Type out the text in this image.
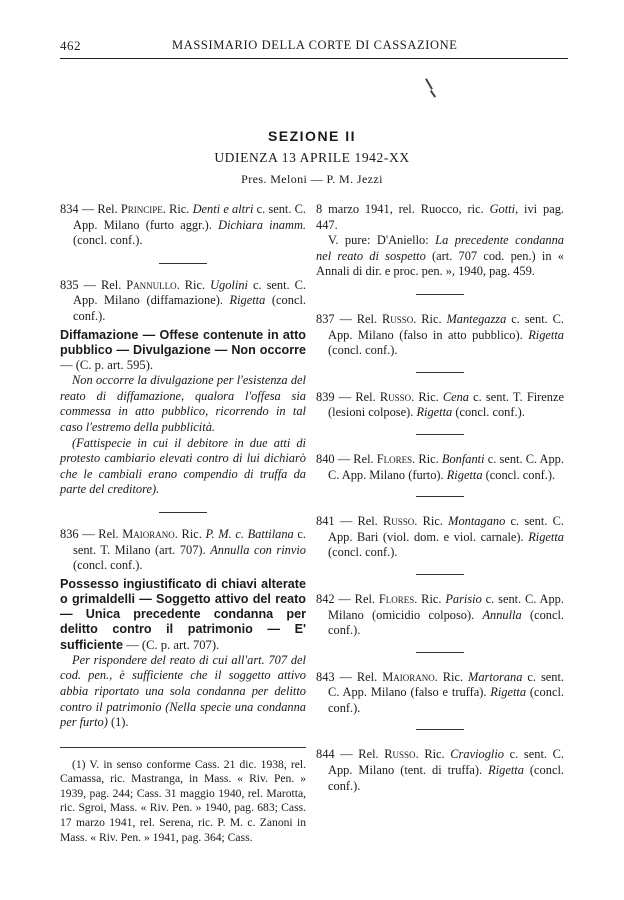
462	MASSIMARIO DELLA CORTE DI CASSAZIONE
SEZIONE II
UDIENZA 13 APRILE 1942-XX
Pres. Meloni — P. M. Jezzi

834 — Rel. Principe. Ric. Denti e altri c. sent. C. App. Milano (furto aggr.). Dichiara inamm. (concl. conf.).

835 — Rel. Pannullo. Ric. Ugolini c. sent. C. App. Milano (diffamazione). Rigetta (concl. conf.).

Diffamazione — Offese contenute in atto pubblico — Divulgazione — Non occorre — (C. p. art. 595).

Non occorre la divulgazione per l'esistenza del reato di diffamazione, qualora l'offesa sia commessa in atto pubblico, ricorrendo in tal caso l'estremo della pubblicità.

(Fattispecie in cui il debitore in due atti di protesto cambiario elevati contro di lui dichiarò che le cambiali erano compendio di truffa da parte del creditore).

836 — Rel. Maiorano. Ric. P. M. c. Battilana c. sent. T. Milano (art. 707). Annulla con rinvio (concl. conf.).

Possesso ingiustificato di chiavi alterate o grimaldelli — Soggetto attivo del reato — Unica precedente condanna per delitto contro il patrimonio — E' sufficiente — (C. p. art. 707).

Per rispondere del reato di cui all'art. 707 del cod. pen., è sufficiente che il soggetto attivo abbia riportato una sola condanna per delitto contro il patrimonio (Nella specie una condanna per furto) (1).

(1) V. in senso conforme Cass. 21 dic. 1938, rel. Camassa, ric. Mastranga, in Mass. « Riv. Pen. » 1939, pag. 244; Cass. 31 maggio 1940, rel. Marotta, ric. Sgroi, Mass. « Riv. Pen. » 1940, pag. 683; Cass. 17 marzo 1941, rel. Serena, ric. P. M. c. Zanoni in Mass. « Riv. Pen. » 1941, pag. 364; Cass.

8 marzo 1941, rel. Ruocco, ric. Gotti, ivi pag. 447.

V. pure: D'Aniello: La precedente condanna nel reato di sospetto (art. 707 cod. pen.) in « Annali di dir. e proc. pen. », 1940, pag. 459.

837 — Rel. Russo. Ric. Mantegazza c. sent. C. App. Milano (falso in atto pubblico). Rigetta (concl. conf.).

839 — Rel. Russo. Ric. Cena c. sent. T. Firenze (lesioni colpose). Rigetta (concl. conf.).

840 — Rel. Flores. Ric. Bonfanti c. sent. C. App. C. App. Milano (furto). Rigetta (concl. conf.).

841 — Rel. Russo. Ric. Montagano c. sent. C. App. Bari (viol. dom. e viol. carnale). Rigetta (concl. conf.).

842 — Rel. Flores. Ric. Parisio c. sent. C. App. Milano (omicidio colposo). Annulla (concl. conf.).

843 — Rel. Maiorano. Ric. Martorana c. sent. C. App. Milano (falso e truffa). Rigetta (concl. conf.).

844 — Rel. Russo. Ric. Cravioglio c. sent. C. App. Milano (tent. di truffa). Rigetta (concl. conf.).
